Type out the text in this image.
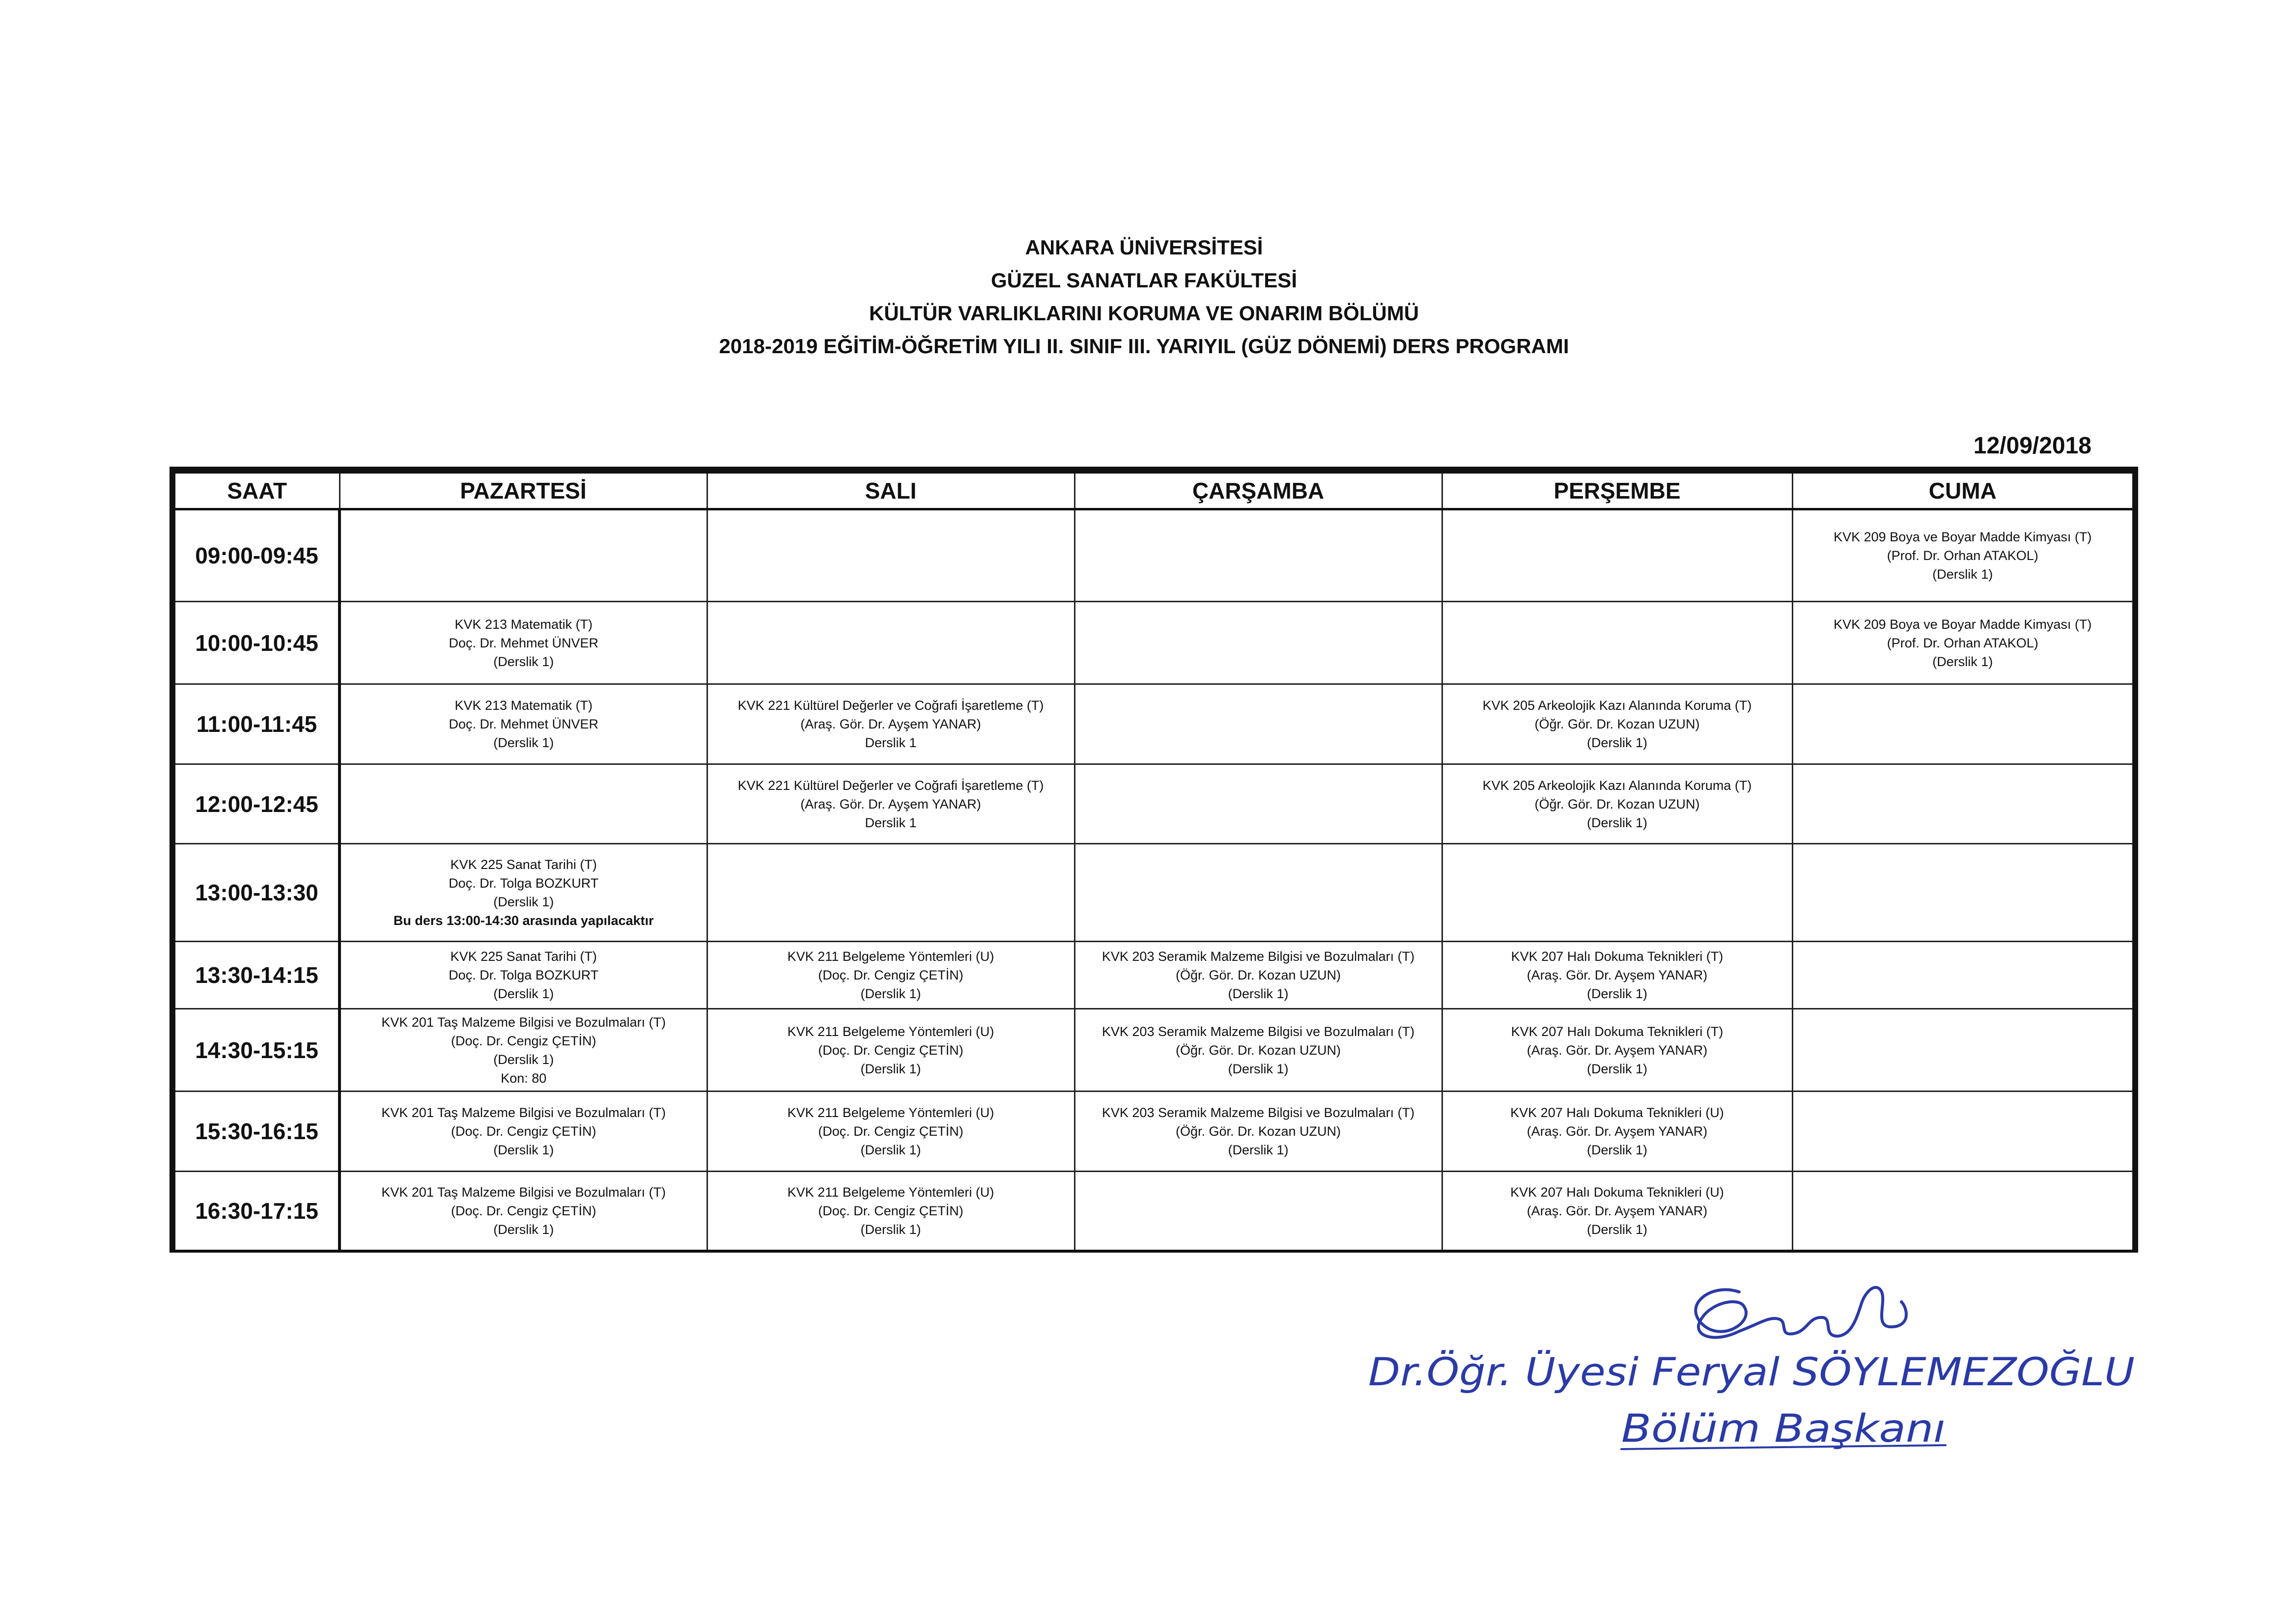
ANKARA ÜNİVERSİTESİ
GÜZEL SANATLAR FAKÜLTESİ
KÜLTÜR VARLIKLARINI KORUMA VE ONARIM BÖLÜMÜ
2018-2019 EĞİTİM-ÖĞRETİM YILI II. SINIF III. YARIYIL (GÜZ DÖNEMİ) DERS PROGRAMI
12/09/2018
SAAT	PAZARTESİ	SALI	ÇARŞAMBA	PERŞEMBE	CUMA
09:00-09:45					KVK 209 Boya ve Boyar Madde Kimyası (T)
(Prof. Dr. Orhan ATAKOL)
(Derslik 1)

10:00-10:45	KVK 213 Matematik (T)
Doç. Dr. Mehmet ÜNVER
(Derslik 1)				KVK 209 Boya ve Boyar Madde Kimyası (T)
(Prof. Dr. Orhan ATAKOL)
(Derslik 1)

11:00-11:45	KVK 213 Matematik (T)
Doç. Dr. Mehmet ÜNVER
(Derslik 1)	KVK 221 Kültürel Değerler ve Coğrafi İşaretleme (T)
(Araş. Gör. Dr. Ayşem YANAR)
Derslik 1		KVK 205 Arkeolojik Kazı Alanında Koruma (T)
(Öğr. Gör. Dr. Kozan UZUN)
(Derslik 1)	

12:00-12:45		KVK 221 Kültürel Değerler ve Coğrafi İşaretleme (T)
(Araş. Gör. Dr. Ayşem YANAR)
Derslik 1		KVK 205 Arkeolojik Kazı Alanında Koruma (T)
(Öğr. Gör. Dr. Kozan UZUN)
(Derslik 1)	

13:00-13:30	KVK 225 Sanat Tarihi (T)
Doç. Dr. Tolga BOZKURT
(Derslik 1)
Bu ders 13:00-14:30 arasında yapılacaktır				

13:30-14:15	KVK 225 Sanat Tarihi (T)
Doç. Dr. Tolga BOZKURT
(Derslik 1)	KVK 211 Belgeleme Yöntemleri (U)
(Doç. Dr. Cengiz ÇETİN)
(Derslik 1)	KVK 203 Seramik Malzeme Bilgisi ve Bozulmaları (T)
(Öğr. Gör. Dr. Kozan UZUN)
(Derslik 1)	KVK 207 Halı Dokuma Teknikleri (T)
(Araş. Gör. Dr. Ayşem YANAR)
(Derslik 1)	

14:30-15:15	KVK 201 Taş Malzeme Bilgisi ve Bozulmaları (T)
(Doç. Dr. Cengiz ÇETİN)
(Derslik 1)
Kon: 80	KVK 211 Belgeleme Yöntemleri (U)
(Doç. Dr. Cengiz ÇETİN)
(Derslik 1)	KVK 203 Seramik Malzeme Bilgisi ve Bozulmaları (T)
(Öğr. Gör. Dr. Kozan UZUN)
(Derslik 1)	KVK 207 Halı Dokuma Teknikleri (T)
(Araş. Gör. Dr. Ayşem YANAR)
(Derslik 1)	

15:30-16:15	KVK 201 Taş Malzeme Bilgisi ve Bozulmaları (T)
(Doç. Dr. Cengiz ÇETİN)
(Derslik 1)	KVK 211 Belgeleme Yöntemleri (U)
(Doç. Dr. Cengiz ÇETİN)
(Derslik 1)	KVK 203 Seramik Malzeme Bilgisi ve Bozulmaları (T)
(Öğr. Gör. Dr. Kozan UZUN)
(Derslik 1)	KVK 207 Halı Dokuma Teknikleri (U)
(Araş. Gör. Dr. Ayşem YANAR)
(Derslik 1)	

16:30-17:15	KVK 201 Taş Malzeme Bilgisi ve Bozulmaları (T)
(Doç. Dr. Cengiz ÇETİN)
(Derslik 1)	KVK 211 Belgeleme Yöntemleri (U)
(Doç. Dr. Cengiz ÇETİN)
(Derslik 1)		KVK 207 Halı Dokuma Teknikleri (U)
(Araş. Gör. Dr. Ayşem YANAR)
(Derslik 1)	

Dr.Öğr. Üyesi Feryal SÖYLEMEZOĞLU
Bölüm Başkanı
